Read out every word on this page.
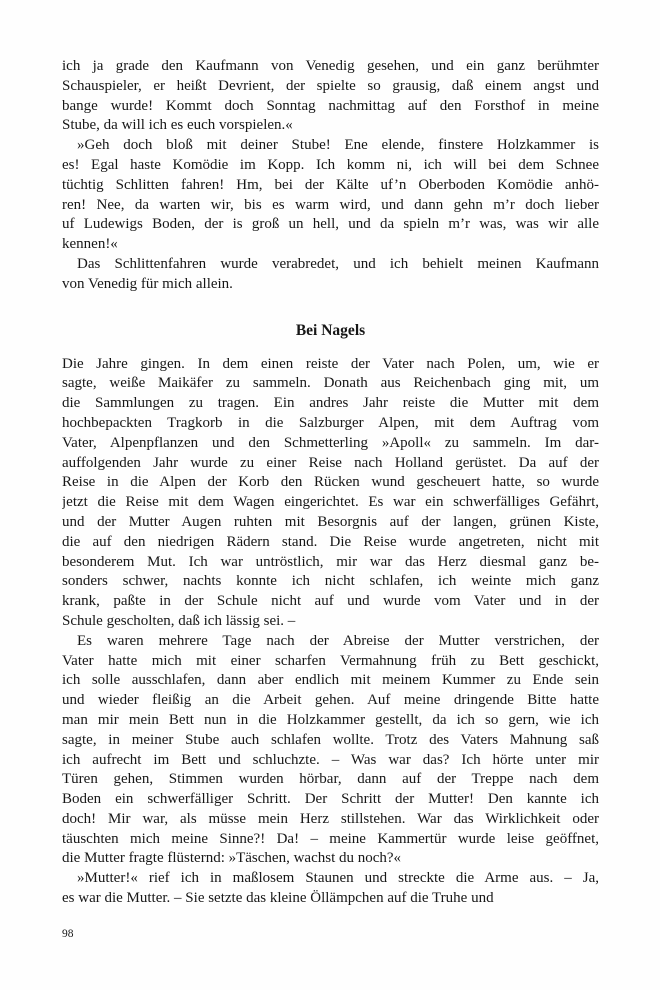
ich ja grade den Kaufmann von Venedig gesehen, und ein ganz berühmter
Schauspieler, er heißt Devrient, der spielte so grausig, daß einem angst und
bange wurde! Kommt doch Sonntag nachmittag auf den Forsthof in meine
Stube, da will ich es euch vorspielen.«
»Geh doch bloß mit deiner Stube! Ene elende, finstere Holzkammer is
es! Egal haste Komödie im Kopp. Ich komm ni, ich will bei dem Schnee
tüchtig Schlitten fahren! Hm, bei der Kälte uf’n Oberboden Komödie anhö-
ren! Nee, da warten wir, bis es warm wird, und dann gehn m’r doch lieber
uf Ludewigs Boden, der is groß un hell, und da spieln m’r was, was wir alle
kennen!«
Das Schlittenfahren wurde verabredet, und ich behielt meinen Kaufmann
von Venedig für mich allein.
Bei Nagels
Die Jahre gingen. In dem einen reiste der Vater nach Polen, um, wie er
sagte, weiße Maikäfer zu sammeln. Donath aus Reichenbach ging mit, um
die Sammlungen zu tragen. Ein andres Jahr reiste die Mutter mit dem
hochbepackten Tragkorb in die Salzburger Alpen, mit dem Auftrag vom
Vater, Alpenpflanzen und den Schmetterling »Apoll« zu sammeln. Im dar-
auffolgenden Jahr wurde zu einer Reise nach Holland gerüstet. Da auf der
Reise in die Alpen der Korb den Rücken wund gescheuert hatte, so wurde
jetzt die Reise mit dem Wagen eingerichtet. Es war ein schwerfälliges Gefährt,
und der Mutter Augen ruhten mit Besorgnis auf der langen, grünen Kiste,
die auf den niedrigen Rädern stand. Die Reise wurde angetreten, nicht mit
besonderem Mut. Ich war untröstlich, mir war das Herz diesmal ganz be-
sonders schwer, nachts konnte ich nicht schlafen, ich weinte mich ganz
krank, paßte in der Schule nicht auf und wurde vom Vater und in der
Schule gescholten, daß ich lässig sei. –
Es waren mehrere Tage nach der Abreise der Mutter verstrichen, der
Vater hatte mich mit einer scharfen Vermahnung früh zu Bett geschickt,
ich solle ausschlafen, dann aber endlich mit meinem Kummer zu Ende sein
und wieder fleißig an die Arbeit gehen. Auf meine dringende Bitte hatte
man mir mein Bett nun in die Holzkammer gestellt, da ich so gern, wie ich
sagte, in meiner Stube auch schlafen wollte. Trotz des Vaters Mahnung saß
ich aufrecht im Bett und schluchzte. – Was war das? Ich hörte unter mir
Türen gehen, Stimmen wurden hörbar, dann auf der Treppe nach dem
Boden ein schwerfälliger Schritt. Der Schritt der Mutter! Den kannte ich
doch! Mir war, als müsse mein Herz stillstehen. War das Wirklichkeit oder
täuschten mich meine Sinne?! Da! – meine Kammertür wurde leise geöffnet,
die Mutter fragte flüsternd: »Täschen, wachst du noch?«
»Mutter!« rief ich in maßlosem Staunen und streckte die Arme aus. – Ja,
es war die Mutter. – Sie setzte das kleine Öllämpchen auf die Truhe und
98
